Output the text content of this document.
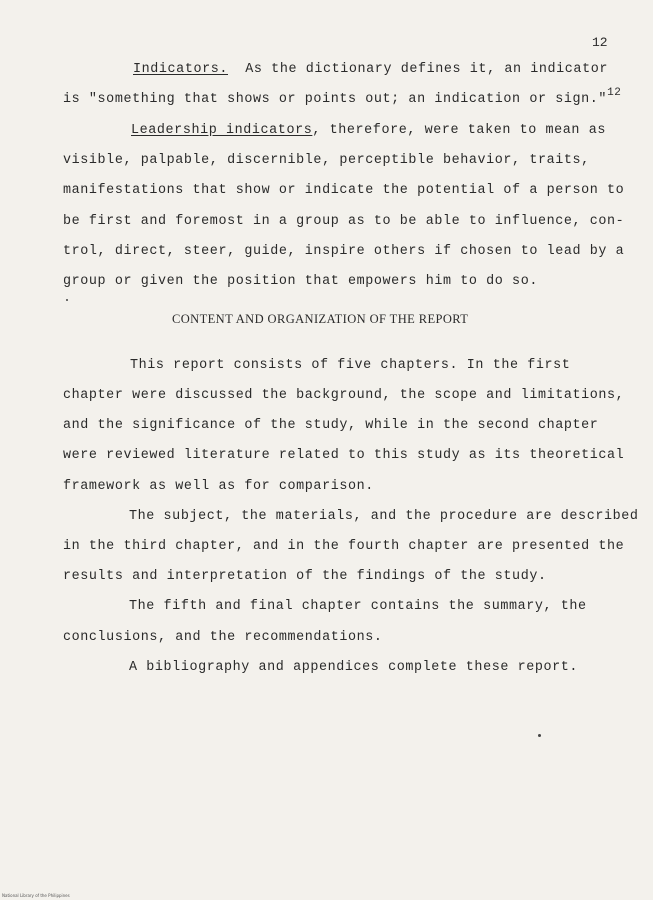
12
Indicators.  As the dictionary defines it, an indicator
is "something that shows or points out; an indication or sign."$^{12}$
Leadership indicators, therefore, were taken to mean as
visible, palpable, discernible, perceptible behavior, traits,
manifestations that show or indicate the potential of a person to
be first and foremost in a group as to be able to influence, con-
trol, direct, steer, guide, inspire others if chosen to lead by a
group or given the position that empowers him to do so.
CONTENT AND ORGANIZATION OF THE REPORT
This report consists of five chapters. In the first
chapter were discussed the background, the scope and limitations,
and the significance of the study, while in the second chapter
were reviewed literature related to this study as its theoretical
framework as well as for comparison.
The subject, the materials, and the procedure are described
in the third chapter, and in the fourth chapter are presented the
results and interpretation of the findings of the study.
The fifth and final chapter contains the summary, the
conclusions, and the recommendations.
A bibliography and appendices complete these report.
National Library of the Philippines
